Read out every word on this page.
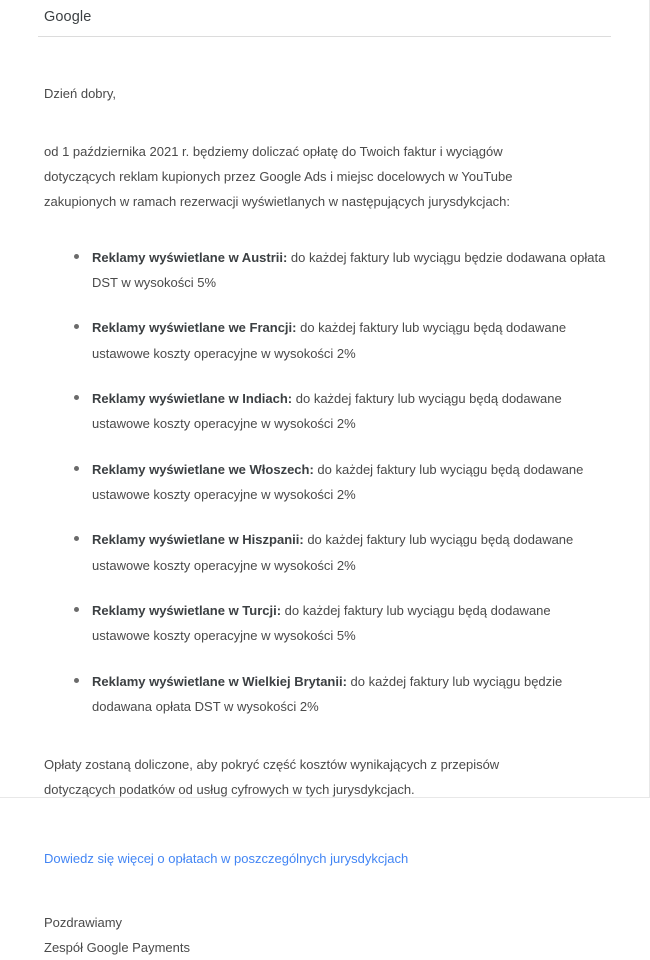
Google

Dzień dobry,

od 1 października 2021 r. będziemy doliczać opłatę do Twoich faktur i wyciągów dotyczących reklam kupionych przez Google Ads i miejsc docelowych w YouTube zakupionych w ramach rezerwacji wyświetlanych w następujących jurysdykcjach:

Reklamy wyświetlane w Austrii: do każdej faktury lub wyciągu będzie dodawana opłata DST w wysokości 5%
Reklamy wyświetlane we Francji: do każdej faktury lub wyciągu będą dodawane ustawowe koszty operacyjne w wysokości 2%
Reklamy wyświetlane w Indiach: do każdej faktury lub wyciągu będą dodawane ustawowe koszty operacyjne w wysokości 2%
Reklamy wyświetlane we Włoszech: do każdej faktury lub wyciągu będą dodawane ustawowe koszty operacyjne w wysokości 2%
Reklamy wyświetlane w Hiszpanii: do każdej faktury lub wyciągu będą dodawane ustawowe koszty operacyjne w wysokości 2%
Reklamy wyświetlane w Turcji: do każdej faktury lub wyciągu będą dodawane ustawowe koszty operacyjne w wysokości 5%
Reklamy wyświetlane w Wielkiej Brytanii: do każdej faktury lub wyciągu będzie dodawana opłata DST w wysokości 2%

Opłaty zostaną doliczone, aby pokryć część kosztów wynikających z przepisów dotyczących podatków od usług cyfrowych w tych jurysdykcjach.

Dowiedz się więcej o opłatach w poszczególnych jurysdykcjach
Pozdrawiamy
Zespół Google Payments
